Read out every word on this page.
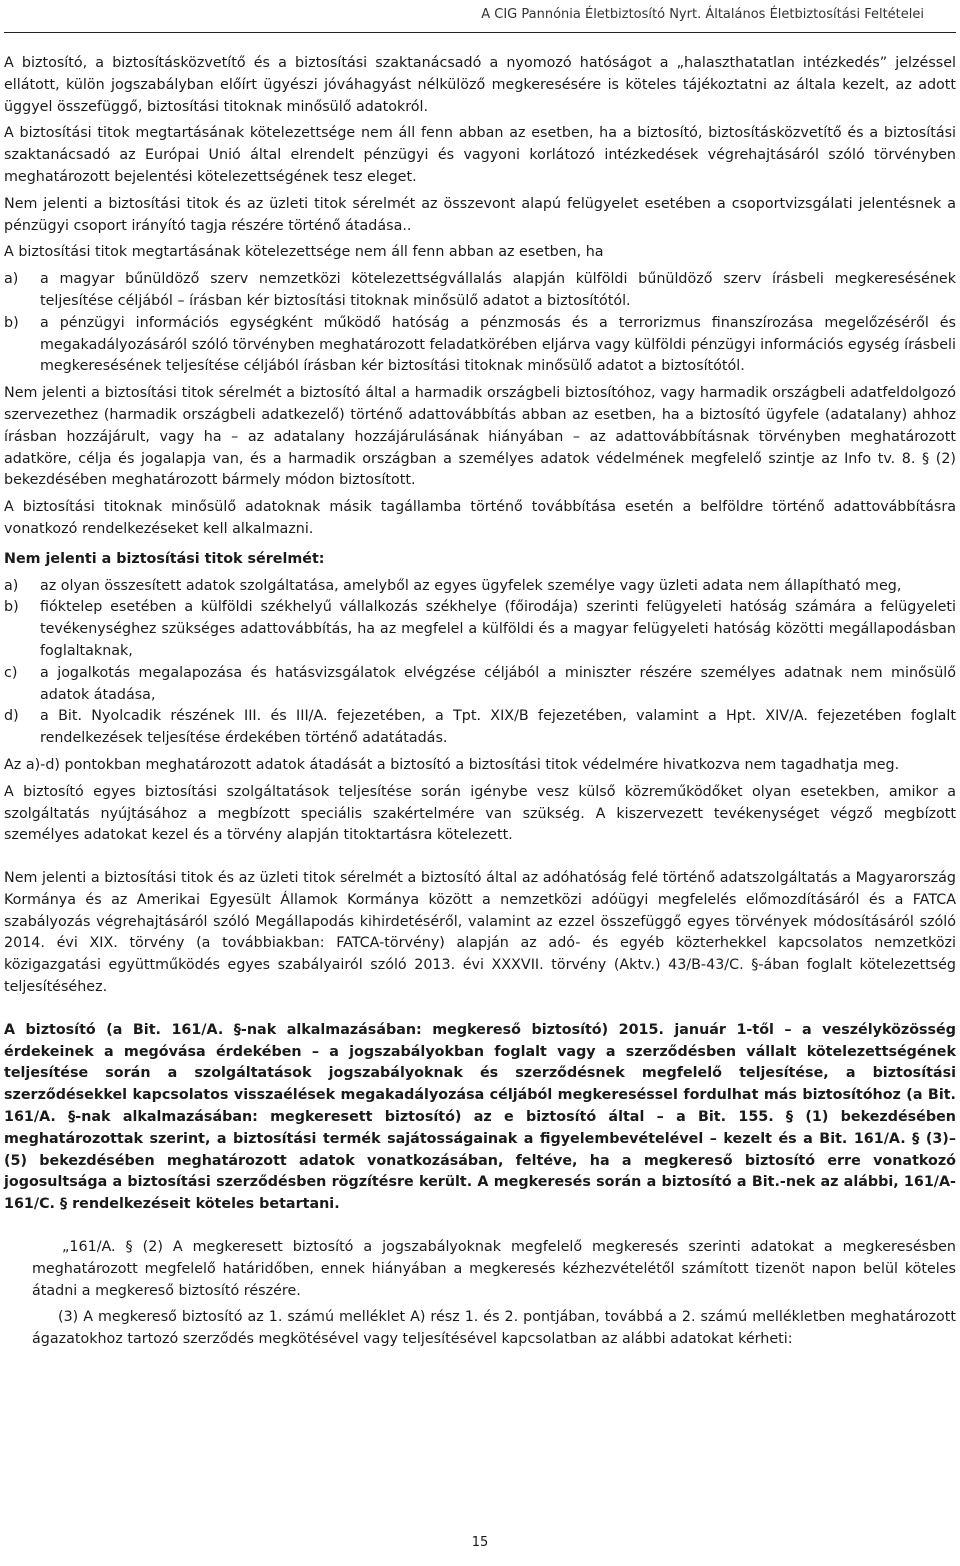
A CIG Pannónia Életbiztosító Nyrt. Általános Életbiztosítási Feltételei

A biztosító, a biztosításközvetítő és a biztosítási szaktanácsadó a nyomozó hatóságot a „halaszthatatlan intézkedés” jelzéssel ellátott, külön jogszabályban előírt ügyészi jóváhagyást nélkülöző megkeresésére is köteles tájékoztatni az általa kezelt, az adott üggyel összefüggő, biztosítási titoknak minősülő adatokról.

A biztosítási titok megtartásának kötelezettsége nem áll fenn abban az esetben, ha a biztosító, biztosításközvetítő és a biztosítási szaktanácsadó az Európai Unió által elrendelt pénzügyi és vagyoni korlátozó intézkedések végrehajtásáról szóló törvényben meghatározott bejelentési kötelezettségének tesz eleget.

Nem jelenti a biztosítási titok és az üzleti titok sérelmét az összevont alapú felügyelet esetében a csoportvizsgálati jelentésnek a pénzügyi csoport irányító tagja részére történő átadása..

A biztosítási titok megtartásának kötelezettsége nem áll fenn abban az esetben, ha

a)	a magyar bűnüldöző szerv nemzetközi kötelezettségvállalás alapján külföldi bűnüldöző szerv írásbeli megkeresésének teljesítése céljából – írásban kér biztosítási titoknak minősülő adatot a biztosítótól.
b)	a pénzügyi információs egységként működő hatóság a pénzmosás és a terrorizmus finanszírozása megelőzéséről és megakadályozásáról szóló törvényben meghatározott feladatkörében eljárva vagy külföldi pénzügyi információs egység írásbeli megkeresésének teljesítése céljából írásban kér biztosítási titoknak minősülő adatot a biztosítótól.

Nem jelenti a biztosítási titok sérelmét a biztosító által a harmadik országbeli biztosítóhoz, vagy harmadik országbeli adatfeldolgozó szervezethez (harmadik országbeli adatkezelő) történő adattovábbítás abban az esetben, ha a biztosító ügyfele (adatalany) ahhoz írásban hozzájárult, vagy ha – az adatalany hozzájárulásának hiányában – az adattovábbításnak törvényben meghatározott adatköre, célja és jogalapja van, és a harmadik országban a személyes adatok védelmének megfelelő szintje az Info tv. 8. § (2) bekezdésében meghatározott bármely módon biztosított.

A biztosítási titoknak minősülő adatoknak másik tagállamba történő továbbítása esetén a belföldre történő adattovábbításra vonatkozó rendelkezéseket kell alkalmazni.

Nem jelenti a biztosítási titok sérelmét:

a)	az olyan összesített adatok szolgáltatása, amelyből az egyes ügyfelek személye vagy üzleti adata nem állapítható meg,
b)	fióktelep esetében a külföldi székhelyű vállalkozás székhelye (főirodája) szerinti felügyeleti hatóság számára a felügyeleti tevékenységhez szükséges adattovábbítás, ha az megfelel a külföldi és a magyar felügyeleti hatóság közötti megállapodásban foglaltaknak,
c)	a jogalkotás megalapozása és hatásvizsgálatok elvégzése céljából a miniszter részére személyes adatnak nem minősülő adatok átadása,
d)	a Bit. Nyolcadik részének III. és III/A. fejezetében, a Tpt. XIX/B fejezetében, valamint a Hpt. XIV/A. fejezetében foglalt rendelkezések teljesítése érdekében történő adatátadás.

Az a)-d) pontokban meghatározott adatok átadását a biztosító a biztosítási titok védelmére hivatkozva nem tagadhatja meg.

A biztosító egyes biztosítási szolgáltatások teljesítése során igénybe vesz külső közreműködőket olyan esetekben, amikor a szolgáltatás nyújtásához a megbízott speciális szakértelmére van szükség. A kiszervezett tevékenységet végző megbízott személyes adatokat kezel és a törvény alapján titoktartásra kötelezett.

Nem jelenti a biztosítási titok és az üzleti titok sérelmét a biztosító által az adóhatóság felé történő adatszolgáltatás a Magyarország Kormánya és az Amerikai Egyesült Államok Kormánya között a nemzetközi adóügyi megfelelés előmozdításáról és a FATCA szabályozás végrehajtásáról szóló Megállapodás kihirdetéséről, valamint az ezzel összefüggő egyes törvények módosításáról szóló 2014. évi XIX. törvény (a továbbiakban: FATCA-törvény) alapján az adó- és egyéb közterhekkel kapcsolatos nemzetközi közigazgatási együttműködés egyes szabályairól szóló 2013. évi XXXVII. törvény (Aktv.) 43/B-43/C. §-ában foglalt kötelezettség teljesítéséhez.

A biztosító (a Bit. 161/A. §-nak alkalmazásában: megkereső biztosító) 2015. január 1-től – a veszélyközösség érdekeinek a megóvása érdekében – a jogszabályokban foglalt vagy a szerződésben vállalt kötelezettségének teljesítése során a szolgáltatások jogszabályoknak és szerződésnek megfelelő teljesítése, a biztosítási szerződésekkel kapcsolatos visszaélések megakadályozása céljából megkereséssel fordulhat más biztosítóhoz (a Bit. 161/A. §-nak alkalmazásában: megkeresett biztosító) az e biztosító által – a Bit. 155. § (1) bekezdésében meghatározottak szerint, a biztosítási termék sajátosságainak a figyelembevételével – kezelt és a Bit. 161/A. § (3)–(5) bekezdésében meghatározott adatok vonatkozásában, feltéve, ha a megkereső biztosító erre vonatkozó jogosultsága a biztosítási szerződésben rögzítésre került. A megkeresés során a biztosító a Bit.-nek az alábbi, 161/A-161/C. § rendelkezéseit köteles betartani.

„161/A. § (2) A megkeresett biztosító a jogszabályoknak megfelelő megkeresés szerinti adatokat a megkeresésben meghatározott megfelelő határidőben, ennek hiányában a megkeresés kézhezvételétől számított tizenöt napon belül köteles átadni a megkereső biztosító részére.

(3) A megkereső biztosító az 1. számú melléklet A) rész 1. és 2. pontjában, továbbá a 2. számú mellékletben meghatározott ágazatokhoz tartozó szerződés megkötésével vagy teljesítésével kapcsolatban az alábbi adatokat kérheti:

15
